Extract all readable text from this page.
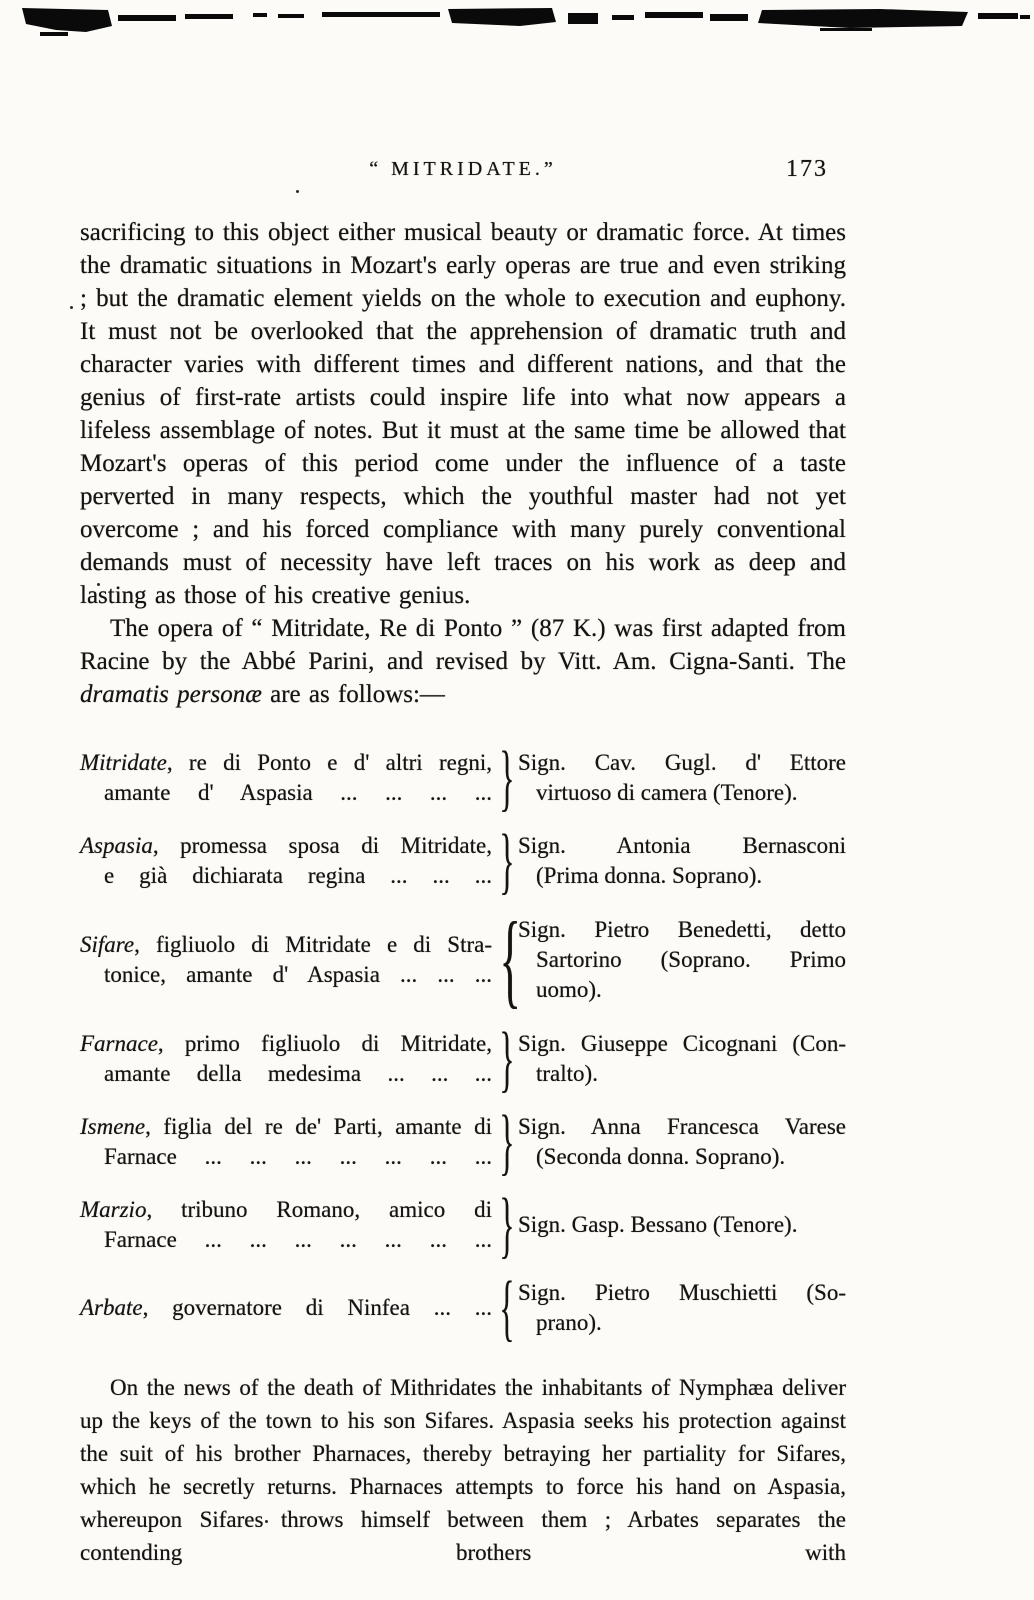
“ MITRIDATE.”	173

sacrificing to this object either musical beauty or dramatic force. At times the dramatic situations in Mozart's early operas are true and even striking ; but the dramatic element yields on the whole to execution and euphony. It must not be overlooked that the apprehension of dramatic truth and character varies with different times and different nations, and that the genius of first-rate artists could inspire life into what now appears a lifeless assemblage of notes. But it must at the same time be allowed that Mozart's operas of this period come under the influence of a taste perverted in many respects, which the youthful master had not yet overcome ; and his forced compliance with many purely conventional demands must of necessity have left traces on his work as deep and lasting as those of his creative genius.

The opera of “ Mitridate, Re di Ponto ” (87 K.) was first adapted from Racine by the Abbé Parini, and revised by Vitt. Am. Cigna-Santi. The dramatis personæ are as follows:—

Mitridate, re di Ponto e d' altri regni,
amante d' Aspasia ... ... ... ... } Sign. Cav. Gugl. d' Ettore
virtuoso di camera (Tenore).
Aspasia, promessa sposa di Mitridate,
e già dichiarata regina ... ... ... } Sign. Antonia Bernasconi
(Prima donna. Soprano).
Sifare, figliuolo di Mitridate e di Stra-
tonice, amante d' Aspasia ... ... ... {
Sign. Pietro Benedetti, detto
Sartorino (Soprano. Primo
uomo).
Farnace, primo figliuolo di Mitridate,
amante della medesima ... ... ... } Sign. Giuseppe Cicognani (Con-
tralto).
Ismene, figlia del re de' Parti, amante di
Farnace ... ... ... ... ... ... ... } Sign. Anna Francesca Varese
(Seconda donna. Soprano).
Marzio, tribuno Romano, amico di
Farnace ... ... ... ... ... ... ... } Sign. Gasp. Bessano (Tenore).
Arbate, governatore di Ninfea ... ... { Sign. Pietro Muschietti (So-
prano).

On the news of the death of Mithridates the inhabitants of Nymphæa deliver up the keys of the town to his son Sifares. Aspasia seeks his protection against the suit of his brother Pharnaces, thereby betraying her partiality for Sifares, which he secretly returns. Pharnaces attempts to force his hand on Aspasia, whereupon Sifares throws himself between them ; Arbates separates the contending brothers with
